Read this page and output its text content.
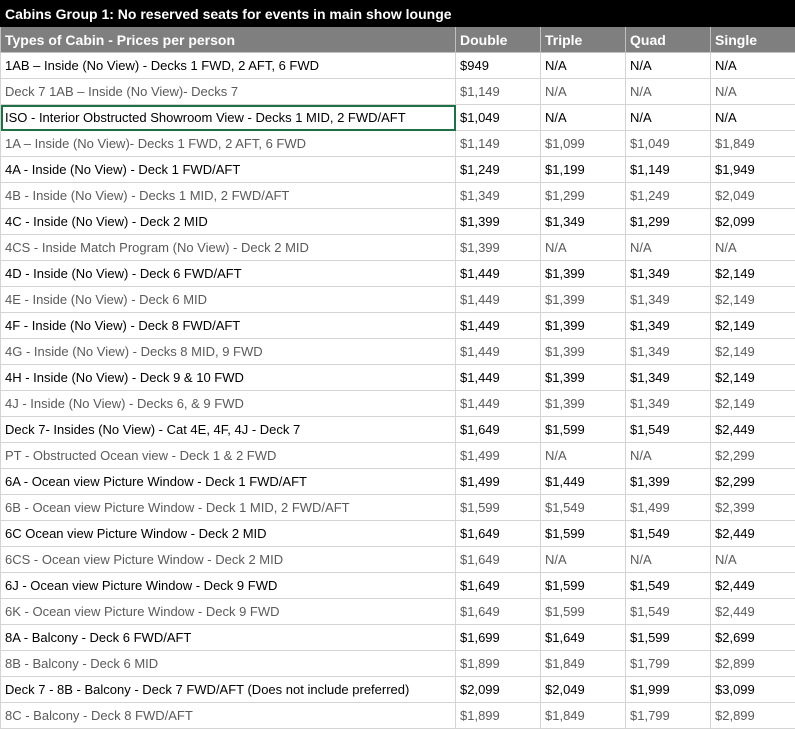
Cabins Group 1: No reserved seats for events in main show lounge				
Types of Cabin - Prices per person	Double	Triple	Quad	Single
1AB – Inside (No View) - Decks 1 FWD, 2 AFT, 6 FWD	$949	N/A	N/A	N/A
Deck 7 1AB – Inside (No View)- Decks 7	$1,149	N/A	N/A	N/A
ISO - Interior Obstructed Showroom View - Decks 1 MID, 2 FWD/AFT	$1,049	N/A	N/A	N/A
1A – Inside (No View)- Decks 1 FWD, 2 AFT, 6 FWD	$1,149	$1,099	$1,049	$1,849
4A - Inside (No View) - Deck 1 FWD/AFT	$1,249	$1,199	$1,149	$1,949
4B - Inside (No View) - Decks 1 MID, 2 FWD/AFT	$1,349	$1,299	$1,249	$2,049
4C - Inside (No View) - Deck 2 MID	$1,399	$1,349	$1,299	$2,099
4CS - Inside Match Program (No View) - Deck 2 MID	$1,399	N/A	N/A	N/A
4D - Inside (No View) - Deck 6 FWD/AFT	$1,449	$1,399	$1,349	$2,149
4E - Inside (No View) - Deck 6 MID	$1,449	$1,399	$1,349	$2,149
4F - Inside (No View) - Deck 8 FWD/AFT	$1,449	$1,399	$1,349	$2,149
4G - Inside (No View) - Decks 8 MID, 9 FWD	$1,449	$1,399	$1,349	$2,149
4H - Inside (No View) - Deck 9 & 10 FWD	$1,449	$1,399	$1,349	$2,149
4J - Inside (No View) - Decks 6, & 9 FWD	$1,449	$1,399	$1,349	$2,149
Deck 7- Insides (No View) - Cat 4E, 4F, 4J - Deck 7	$1,649	$1,599	$1,549	$2,449
PT - Obstructed Ocean view - Deck 1 & 2 FWD	$1,499	N/A	N/A	$2,299
6A - Ocean view Picture Window - Deck 1 FWD/AFT	$1,499	$1,449	$1,399	$2,299
6B - Ocean view Picture Window - Deck 1 MID, 2 FWD/AFT	$1,599	$1,549	$1,499	$2,399
6C Ocean view Picture Window - Deck 2 MID	$1,649	$1,599	$1,549	$2,449
6CS - Ocean view Picture Window - Deck 2 MID	$1,649	N/A	N/A	N/A
6J - Ocean view Picture Window - Deck 9 FWD	$1,649	$1,599	$1,549	$2,449
6K - Ocean view Picture Window - Deck 9 FWD	$1,649	$1,599	$1,549	$2,449
8A - Balcony - Deck 6 FWD/AFT	$1,699	$1,649	$1,599	$2,699
8B - Balcony - Deck 6 MID	$1,899	$1,849	$1,799	$2,899
Deck 7 - 8B - Balcony - Deck 7 FWD/AFT (Does not include preferred)	$2,099	$2,049	$1,999	$3,099
8C - Balcony - Deck 8 FWD/AFT	$1,899	$1,849	$1,799	$2,899
